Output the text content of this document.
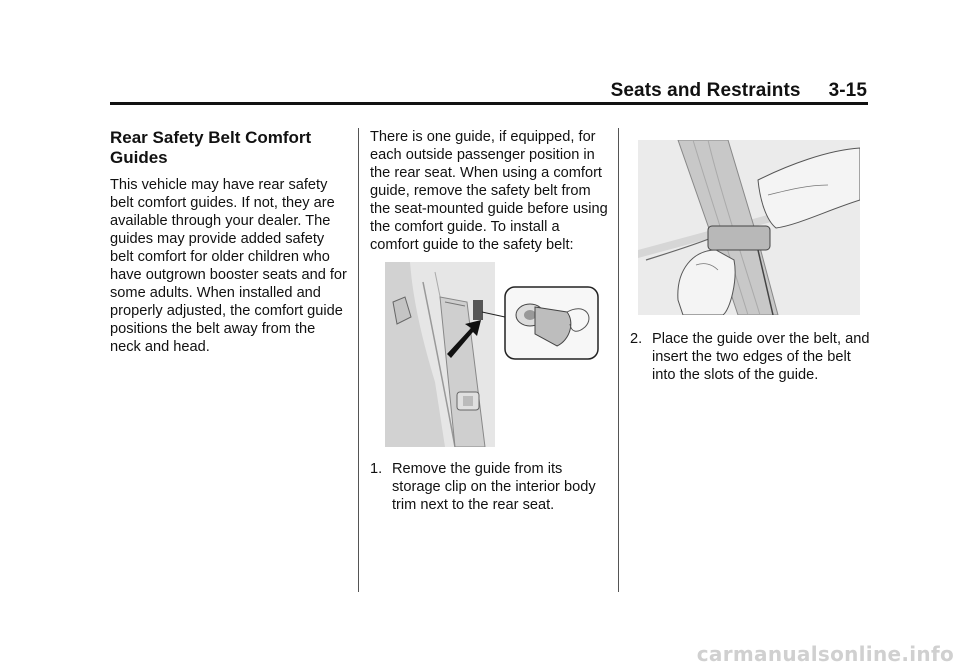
Seats and Restraints 3-15
Rear Safety Belt Comfort Guides

This vehicle may have rear safety belt comfort guides. If not, they are available through your dealer. The guides may provide added safety belt comfort for older children who have outgrown booster seats and for some adults. When installed and properly adjusted, the comfort guide positions the belt away from the neck and head.

There is one guide, if equipped, for each outside passenger position in the rear seat. When using a comfort guide, remove the safety belt from the seat-mounted guide before using the comfort guide. To install a comfort guide to the safety belt:

1. Remove the guide from its storage clip on the interior body trim next to the rear seat.
2. Place the guide over the belt, and insert the two edges of the belt into the slots of the guide.
carmanualsonline.info
